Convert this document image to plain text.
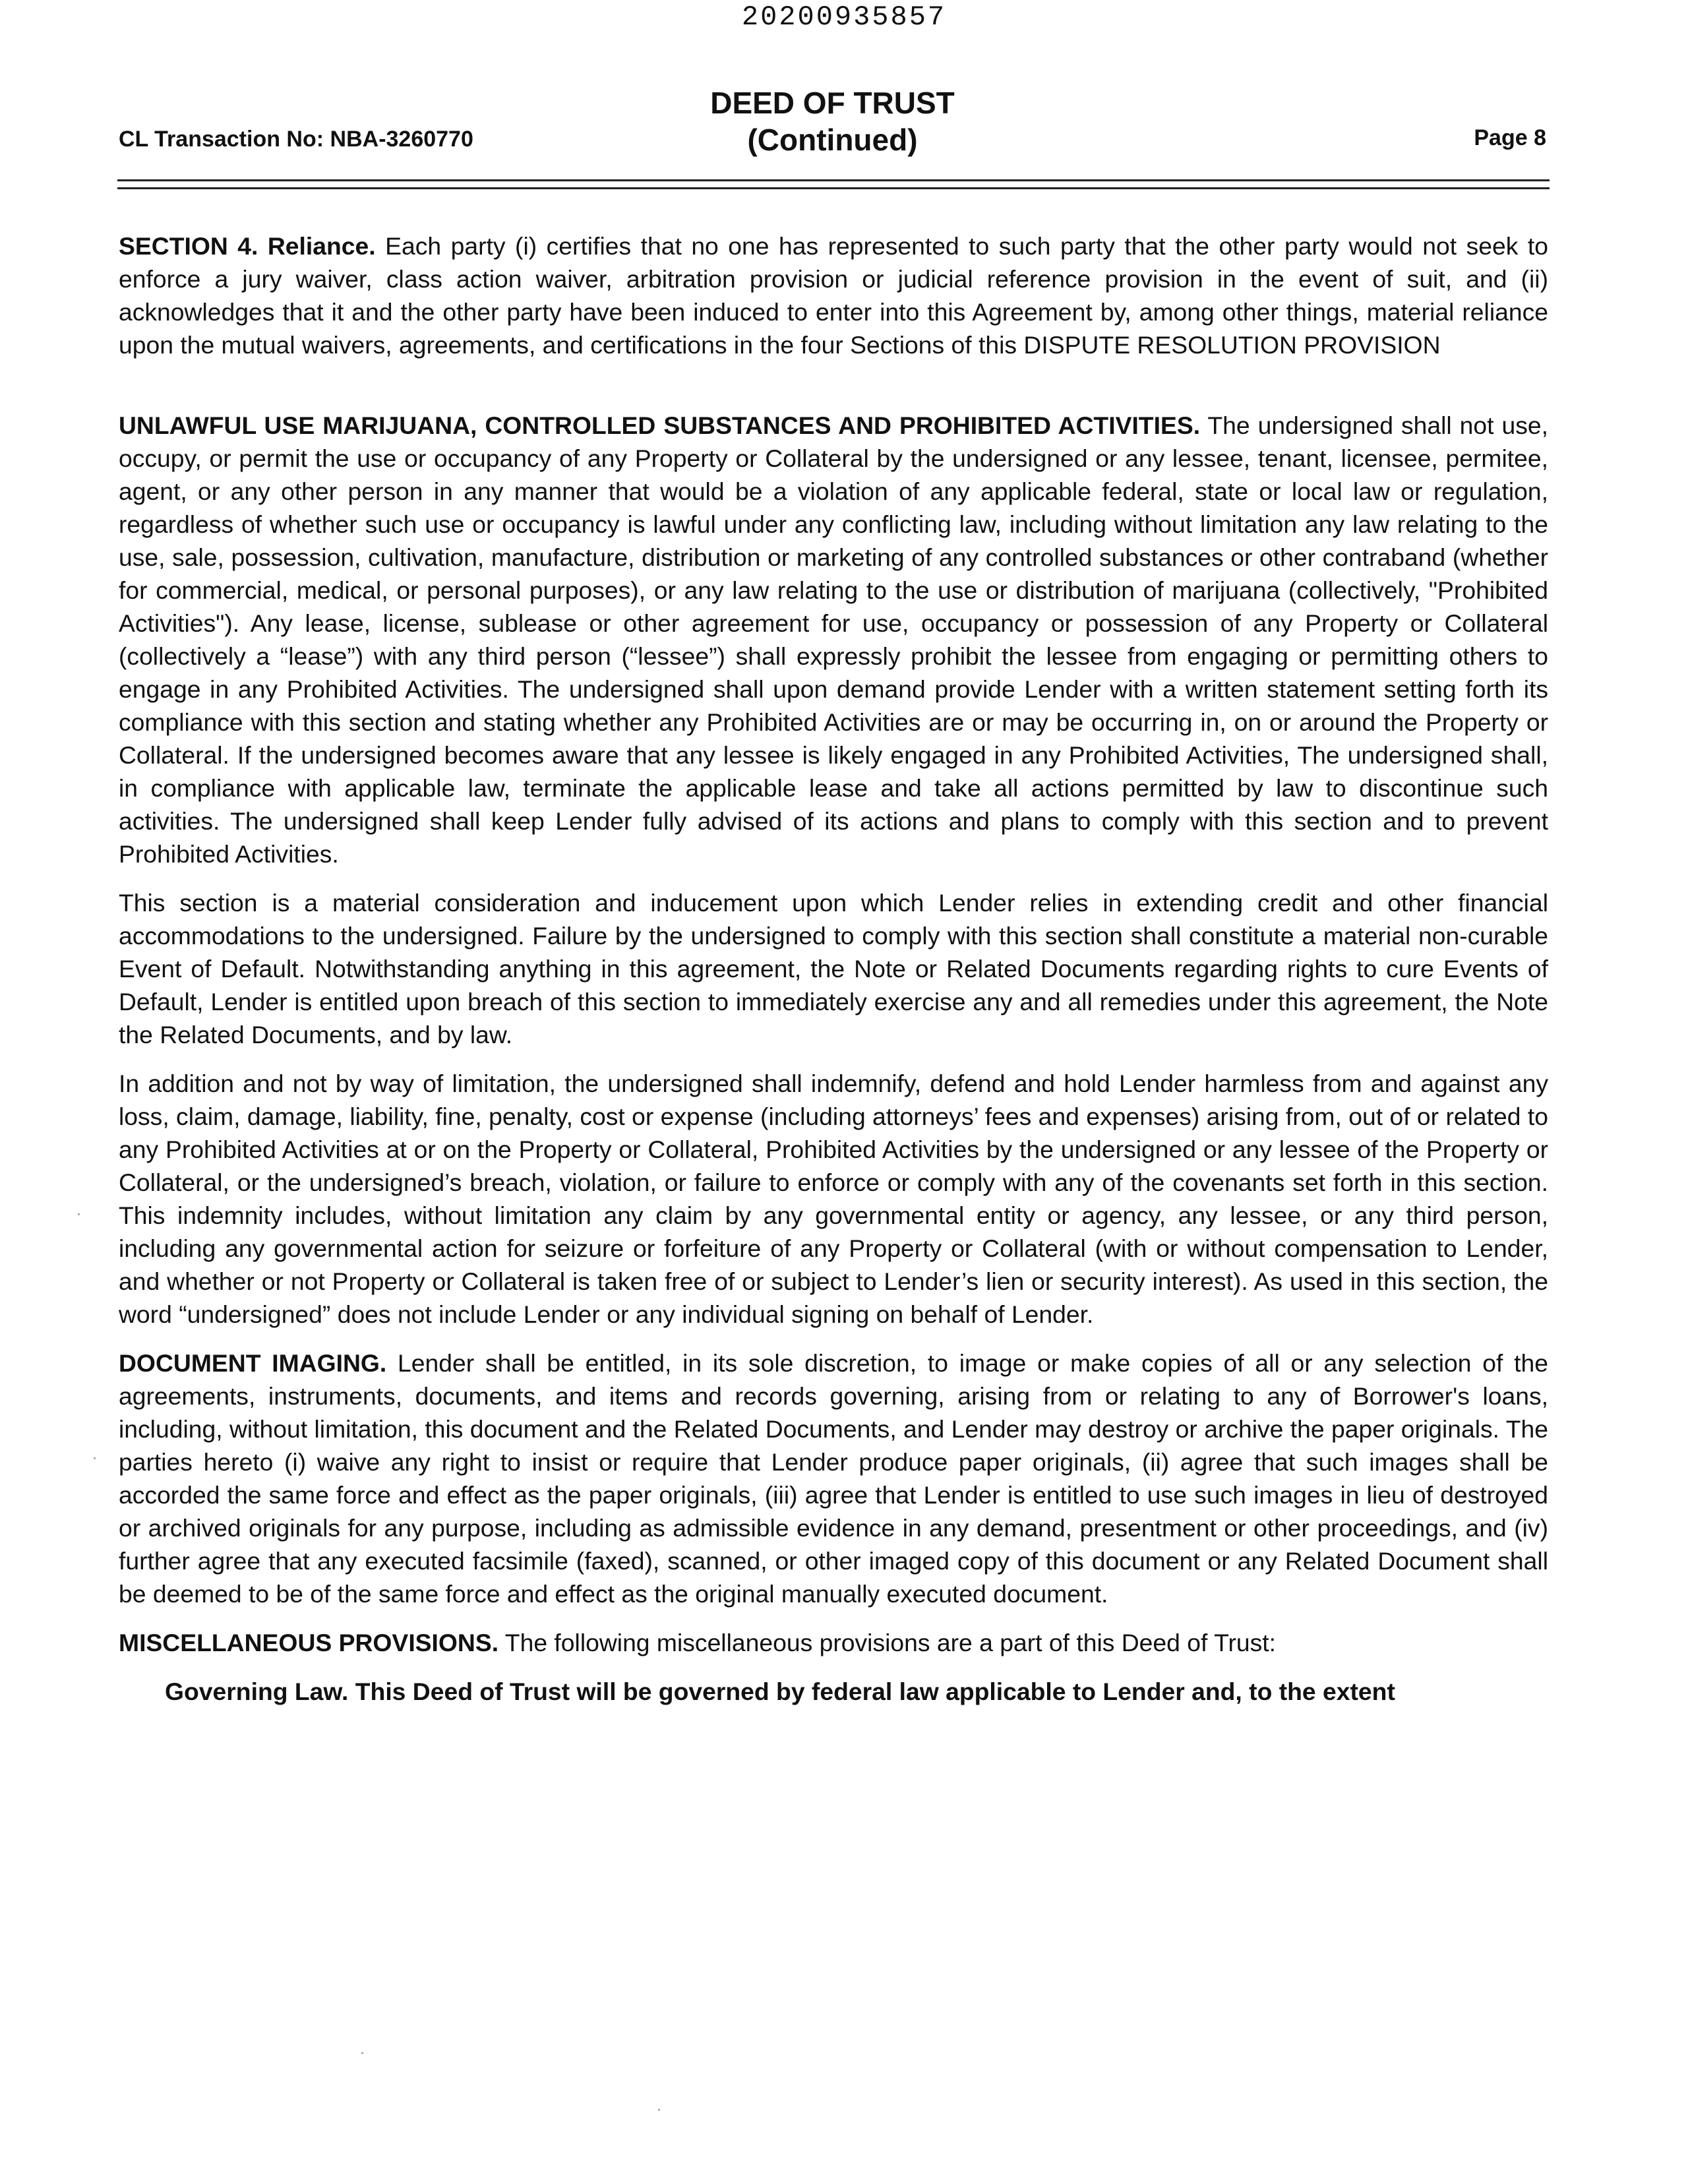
20200935857
CL Transaction No: NBA-3260770
DEED OF TRUST
(Continued)	Page 8

SECTION 4. Reliance. Each party (i) certifies that no one has represented to such party that the other party would not seek to enforce a jury waiver, class action waiver, arbitration provision or judicial reference provision in the event of suit, and (ii) acknowledges that it and the other party have been induced to enter into this Agreement by, among other things, material reliance upon the mutual waivers, agreements, and certifications in the four Sections of this DISPUTE RESOLUTION PROVISION

UNLAWFUL USE MARIJUANA, CONTROLLED SUBSTANCES AND PROHIBITED ACTIVITIES. The undersigned shall not use, occupy, or permit the use or occupancy of any Property or Collateral by the undersigned or any lessee, tenant, licensee, permitee, agent, or any other person in any manner that would be a violation of any applicable federal, state or local law or regulation, regardless of whether such use or occupancy is lawful under any conflicting law, including without limitation any law relating to the use, sale, possession, cultivation, manufacture, distribution or marketing of any controlled substances or other contraband (whether for commercial, medical, or personal purposes), or any law relating to the use or distribution of marijuana (collectively, "Prohibited Activities"). Any lease, license, sublease or other agreement for use, occupancy or possession of any Property or Collateral (collectively a “lease”) with any third person (“lessee”) shall expressly prohibit the lessee from engaging or permitting others to engage in any Prohibited Activities. The undersigned shall upon demand provide Lender with a written statement setting forth its compliance with this section and stating whether any Prohibited Activities are or may be occurring in, on or around the Property or Collateral. If the undersigned becomes aware that any lessee is likely engaged in any Prohibited Activities, The undersigned shall, in compliance with applicable law, terminate the applicable lease and take all actions permitted by law to discontinue such activities. The undersigned shall keep Lender fully advised of its actions and plans to comply with this section and to prevent Prohibited Activities.

This section is a material consideration and inducement upon which Lender relies in extending credit and other financial accommodations to the undersigned. Failure by the undersigned to comply with this section shall constitute a material non-curable Event of Default. Notwithstanding anything in this agreement, the Note or Related Documents regarding rights to cure Events of Default, Lender is entitled upon breach of this section to immediately exercise any and all remedies under this agreement, the Note the Related Documents, and by law.

In addition and not by way of limitation, the undersigned shall indemnify, defend and hold Lender harmless from and against any loss, claim, damage, liability, fine, penalty, cost or expense (including attorneys’ fees and expenses) arising from, out of or related to any Prohibited Activities at or on the Property or Collateral, Prohibited Activities by the undersigned or any lessee of the Property or Collateral, or the undersigned’s breach, violation, or failure to enforce or comply with any of the covenants set forth in this section. This indemnity includes, without limitation any claim by any governmental entity or agency, any lessee, or any third person, including any governmental action for seizure or forfeiture of any Property or Collateral (with or without compensation to Lender, and whether or not Property or Collateral is taken free of or subject to Lender’s lien or security interest). As used in this section, the word “undersigned” does not include Lender or any individual signing on behalf of Lender.

DOCUMENT IMAGING. Lender shall be entitled, in its sole discretion, to image or make copies of all or any selection of the agreements, instruments, documents, and items and records governing, arising from or relating to any of Borrower's loans, including, without limitation, this document and the Related Documents, and Lender may destroy or archive the paper originals. The parties hereto (i) waive any right to insist or require that Lender produce paper originals, (ii) agree that such images shall be accorded the same force and effect as the paper originals, (iii) agree that Lender is entitled to use such images in lieu of destroyed or archived originals for any purpose, including as admissible evidence in any demand, presentment or other proceedings, and (iv) further agree that any executed facsimile (faxed), scanned, or other imaged copy of this document or any Related Document shall be deemed to be of the same force and effect as the original manually executed document.

MISCELLANEOUS PROVISIONS. The following miscellaneous provisions are a part of this Deed of Trust:

Governing Law. This Deed of Trust will be governed by federal law applicable to Lender and, to the extent
